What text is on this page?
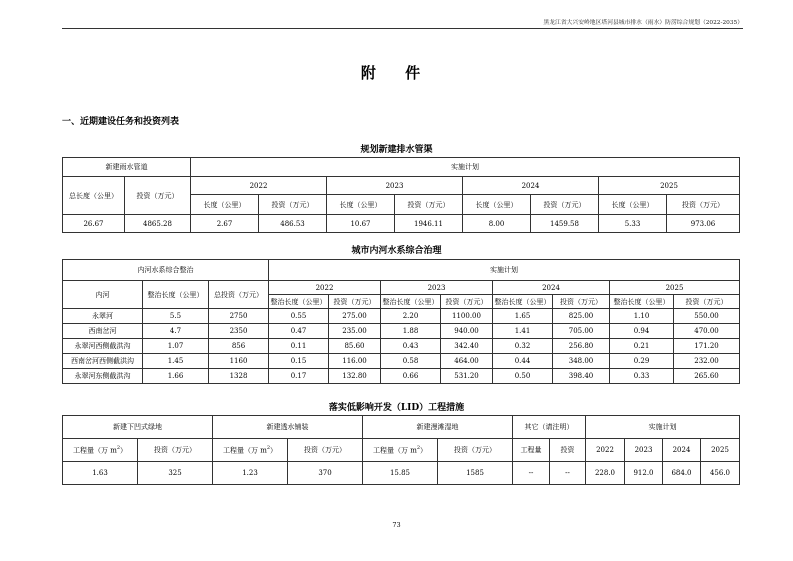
黑龙江省大兴安岭地区塔河县城市排水（雨水）防涝综合规划（2022-2035）
附 件
一、近期建设任务和投资列表
规划新建排水管渠
新建雨水管道		实施计划							
总长度（公里）	投资（万元）	2022		2023		2024		2025	
		长度（公里）	投资（万元）	长度（公里）	投资（万元）	长度（公里）	投资（万元）	长度（公里）	投资（万元）
26.67	4865.28	2.67	486.53	10.67	1946.11	8.00	1459.58	5.33	973.06
城市内河水系综合治理
内河水系综合整治			实施计划							
内河	整治长度（公里）	总投资（万元）	2022		2023		2024		2025	
			整治长度（公里）	投资（万元）	整治长度（公里）	投资（万元）	整治长度（公里）	投资（万元）	整治长度（公里）	投资（万元）
永翠河	5.5	2750	0.55	275.00	2.20	1100.00	1.65	825.00	1.10	550.00
西南岔河	4.7	2350	0.47	235.00	1.88	940.00	1.41	705.00	0.94	470.00
永翠河西侧截洪沟	1.07	856	0.11	85.60	0.43	342.40	0.32	256.80	0.21	171.20
西南岔河西侧截洪沟	1.45	1160	0.15	116.00	0.58	464.00	0.44	348.00	0.29	232.00
永翠河东侧截洪沟	1.66	1328	0.17	132.80	0.66	531.20	0.50	398.40	0.33	265.60
落实低影响开发（LID）工程措施
新建下凹式绿地		新建透水铺装		新建漫滩湿地		其它（请注明）		实施计划			
工程量（万 $m^2$）	投资（万元）	工程量（万 $m^2$）	投资（万元）	工程量（万 $m^2$）	投资（万元）	工程量	投资	2022	2023	2024	2025
1.63	325	1.23	370	15.85	1585	--	--	228.0	912.0	684.0	456.0
73
